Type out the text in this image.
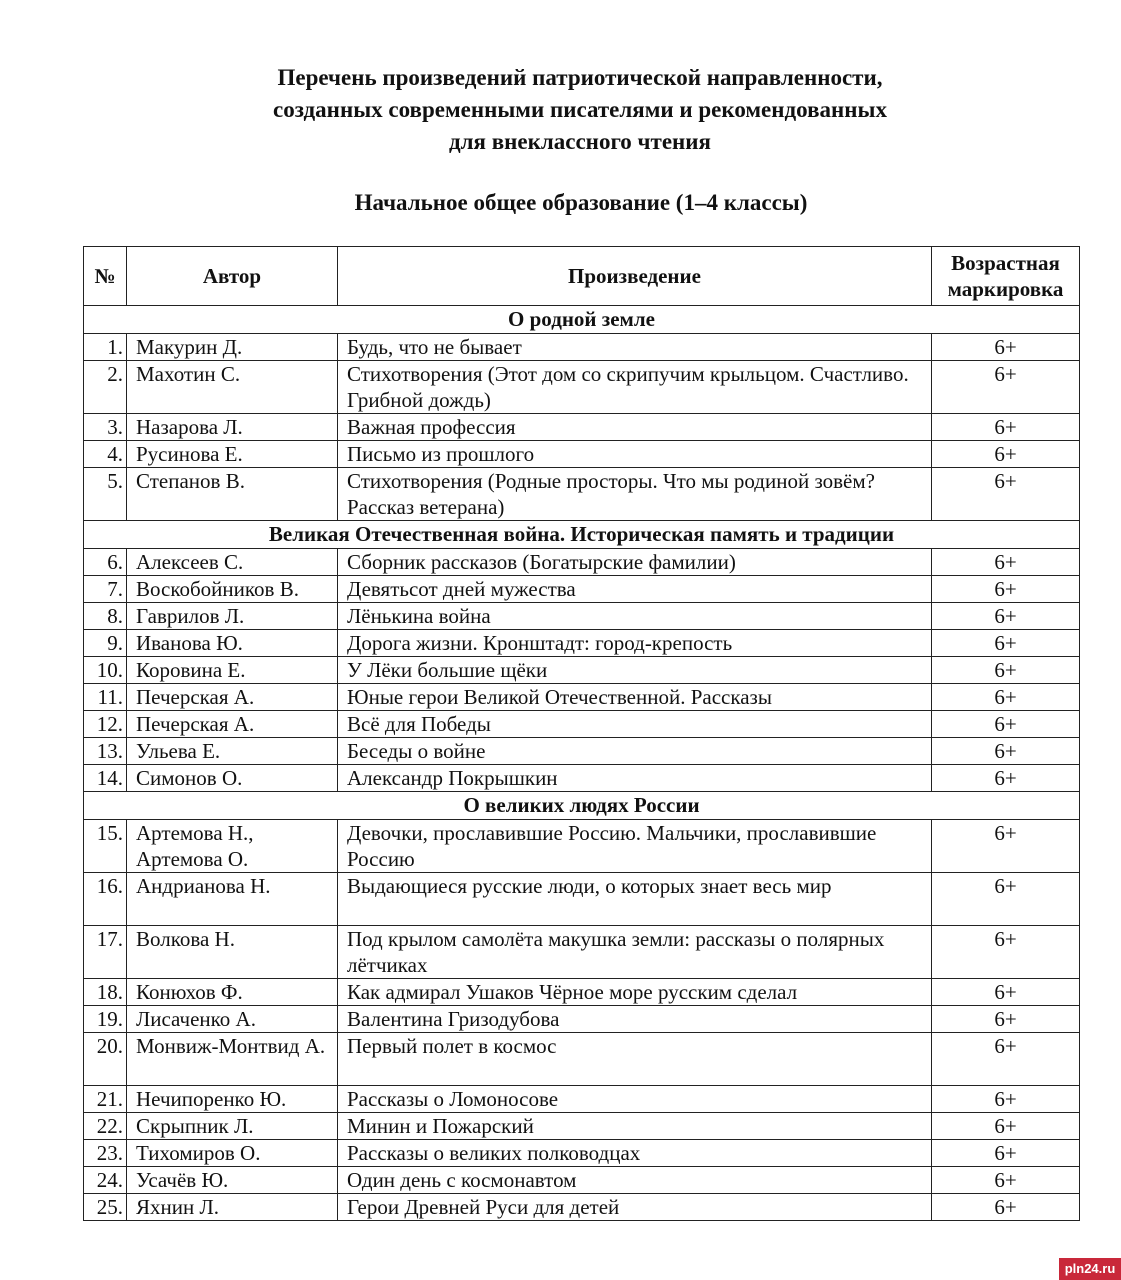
Перечень произведений патриотической направленности,
созданных современными писателями и рекомендованных
для внеклассного чтения
Начальное общее образование (1–4 классы)
№	Автор	Произведение	Возрастная
маркировка

О родной земле			
1.	Макурин Д.	Будь, что не бывает	6+
2.	Махотин С.	Стихотворения (Этот дом со скрипучим крыльцом. Счастливо. Грибной дождь)	6+
3.	Назарова Л.	Важная профессия	6+
4.	Русинова Е.	Письмо из прошлого	6+
5.	Степанов В.	Стихотворения (Родные просторы. Что мы родиной зовём? Рассказ ветерана)	6+
Великая Отечественная война. Историческая память и традиции			
6.	Алексеев С.	Сборник рассказов (Богатырские фамилии)	6+
7.	Воскобойников В.	Девятьсот дней мужества	6+
8.	Гаврилов Л.	Лёнькина война	6+
9.	Иванова Ю.	Дорога жизни. Кронштадт: город-крепость	6+
10.	Коровина Е.	У Лёки большие щёки	6+
11.	Печерская А.	Юные герои Великой Отечественной. Рассказы	6+
12.	Печерская А.	Всё для Победы	6+
13.	Ульева Е.	Беседы о войне	6+
14.	Симонов О.	Александр Покрышкин	6+
О великих людях России			
15.	Артемова Н., Артемова О.	Девочки, прославившие Россию. Мальчики, прославившие Россию	6+
16.	Андрианова Н.	Выдающиеся русские люди, о которых знает весь мир	6+
17.	Волкова Н.	Под крылом самолёта макушка земли: рассказы о полярных лётчиках	6+
18.	Конюхов Ф.	Как адмирал Ушаков Чёрное море русским сделал	6+
19.	Лисаченко А.	Валентина Гризодубова	6+
20.	Монвиж-Монтвид А.	Первый полет в космос	6+
21.	Нечипоренко Ю.	Рассказы о Ломоносове	6+
22.	Скрыпник Л.	Минин и Пожарский	6+
23.	Тихомиров О.	Рассказы о великих полководцах	6+
24.	Усачёв Ю.	Один день с космонавтом	6+
25.	Яхнин Л.	Герои Древней Руси для детей	6+
pln24.ru
